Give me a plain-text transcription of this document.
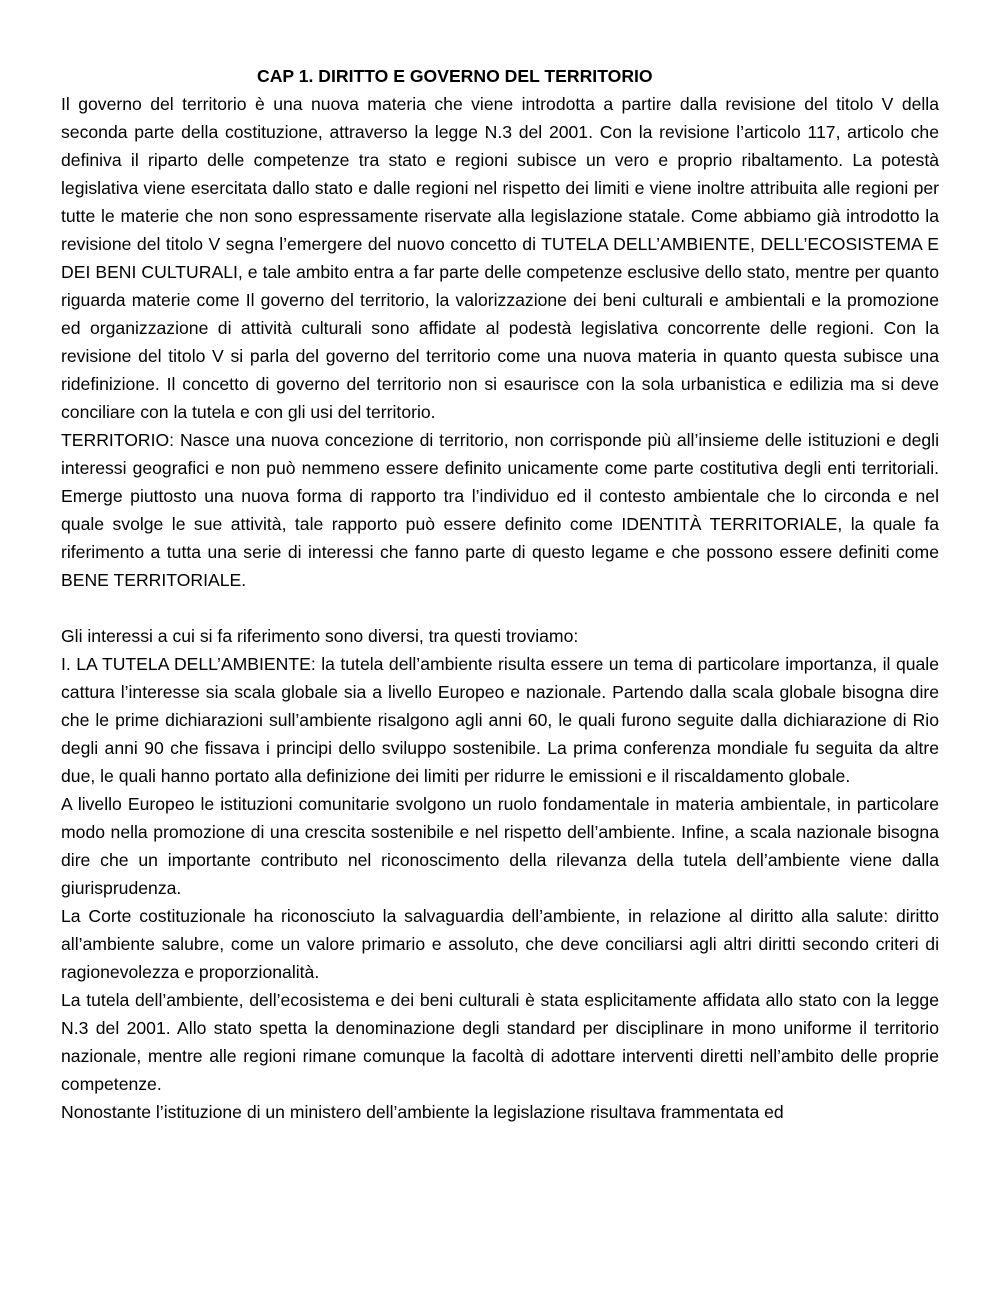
CAP 1. DIRITTO E GOVERNO DEL TERRITORIO

Il governo del territorio è una nuova materia che viene introdotta a partire dalla revisione del titolo V della seconda parte della costituzione, attraverso la legge N.3 del 2001. Con la revisione l’articolo 117, articolo che definiva il riparto delle competenze tra stato e regioni subisce un vero e proprio ribaltamento. La potestà legislativa viene esercitata dallo stato e dalle regioni nel rispetto dei limiti e viene inoltre attribuita alle regioni per tutte le materie che non sono espressamente riservate alla legislazione statale. Come abbiamo già introdotto la revisione del titolo V segna l’emergere del nuovo concetto di TUTELA DELL’AMBIENTE, DELL’ECOSISTEMA E DEI BENI CULTURALI, e tale ambito entra a far parte delle competenze esclusive dello stato, mentre per quanto riguarda materie come Il governo del territorio, la valorizzazione dei beni culturali e ambientali e la promozione ed organizzazione di attività culturali sono affidate al podestà legislativa concorrente delle regioni. Con la revisione del titolo V si parla del governo del territorio come una nuova materia in quanto questa subisce una ridefinizione. Il concetto di governo del territorio non si esaurisce con la sola urbanistica e edilizia ma si deve conciliare con la tutela e con gli usi del territorio.

TERRITORIO: Nasce una nuova concezione di territorio, non corrisponde più all’insieme delle istituzioni e degli interessi geografici e non può nemmeno essere definito unicamente come parte costitutiva degli enti territoriali. Emerge piuttosto una nuova forma di rapporto tra l’individuo ed il contesto ambientale che lo circonda e nel quale svolge le sue attività, tale rapporto può essere definito come IDENTITÀ TERRITORIALE, la quale fa riferimento a tutta una serie di interessi che fanno parte di questo legame e che possono essere definiti come BENE TERRITORIALE.

Gli interessi a cui si fa riferimento sono diversi, tra questi troviamo:

I. LA TUTELA DELL’AMBIENTE: la tutela dell’ambiente risulta essere un tema di particolare importanza, il quale cattura l’interesse sia scala globale sia a livello Europeo e nazionale. Partendo dalla scala globale bisogna dire che le prime dichiarazioni sull’ambiente risalgono agli anni 60, le quali furono seguite dalla dichiarazione di Rio degli anni 90 che fissava i principi dello sviluppo sostenibile. La prima conferenza mondiale fu seguita da altre due, le quali hanno portato alla definizione dei limiti per ridurre le emissioni e il riscaldamento globale.

A livello Europeo le istituzioni comunitarie svolgono un ruolo fondamentale in materia ambientale, in particolare modo nella promozione di una crescita sostenibile e nel rispetto dell’ambiente. Infine, a scala nazionale bisogna dire che un importante contributo nel riconoscimento della rilevanza della tutela dell’ambiente viene dalla giurisprudenza.

La Corte costituzionale ha riconosciuto la salvaguardia dell’ambiente, in relazione al diritto alla salute: diritto all’ambiente salubre, come un valore primario e assoluto, che deve conciliarsi agli altri diritti secondo criteri di ragionevolezza e proporzionalità.

La tutela dell’ambiente, dell’ecosistema e dei beni culturali è stata esplicitamente affidata allo stato con la legge N.3 del 2001. Allo stato spetta la denominazione degli standard per disciplinare in mono uniforme il territorio nazionale, mentre alle regioni rimane comunque la facoltà di adottare interventi diretti nell’ambito delle proprie competenze.

Nonostante l’istituzione di un ministero dell’ambiente la legislazione risultava frammentata ed
